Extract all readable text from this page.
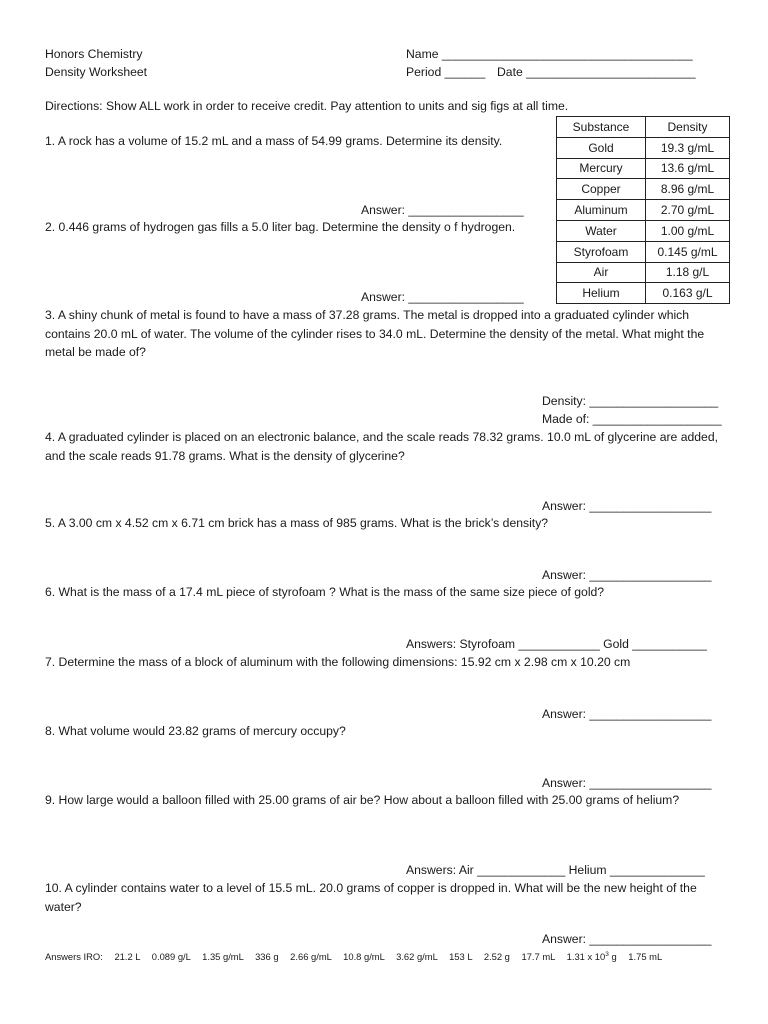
Honors Chemistry
Density Worksheet
Name _____________________________________
Period ______ Date _________________________
Directions: Show ALL work in order to receive credit. Pay attention to units and sig figs at all time.
Substance	Density
Gold	19.3 g/mL
Mercury	13.6 g/mL
Copper	8.96 g/mL
Aluminum	2.70 g/mL
Water	1.00 g/mL
Styrofoam	0.145 g/mL
Air	1.18 g/L
Helium	0.163 g/L
1. A rock has a volume of 15.2 mL and a mass of 54.99 grams. Determine its density.
Answer: _________________
2. 0.446 grams of hydrogen gas fills a 5.0 liter bag. Determine the density o f hydrogen.
Answer: _________________
3. A shiny chunk of metal is found to have a mass of 37.28 grams. The metal is dropped into a graduated cylinder which contains 20.0 mL of water. The volume of the cylinder rises to 34.0 mL. Determine the density of the metal. What might the metal be made of?
Density: ___________________
Made of: ___________________
4. A graduated cylinder is placed on an electronic balance, and the scale reads 78.32 grams. 10.0 mL of glycerine are added, and the scale reads 91.78 grams. What is the density of glycerine?
Answer: __________________
5. A 3.00 cm x 4.52 cm x 6.71 cm brick has a mass of 985 grams. What is the brick’s density?
Answer: __________________
6. What is the mass of a 17.4 mL piece of styrofoam ? What is the mass of the same size piece of gold?
Answers: Styrofoam ____________ Gold ___________
7. Determine the mass of a block of aluminum with the following dimensions: 15.92 cm x 2.98 cm x 10.20 cm
Answer: __________________
8. What volume would 23.82 grams of mercury occupy?
Answer: __________________
9. How large would a balloon filled with 25.00 grams of air be? How about a balloon filled with 25.00 grams of helium?
Answers: Air _____________ Helium ______________
10. A cylinder contains water to a level of 15.5 mL. 20.0 grams of copper is dropped in. What will be the new height of the water?
Answer: __________________
Answers IRO: 21.2 L 0.089 g/L 1.35 g/mL 336 g 2.66 g/mL 10.8 g/mL 3.62 g/mL 153 L 2.52 g 17.7 mL 1.31 x $10^3$ g 1.75 mL
